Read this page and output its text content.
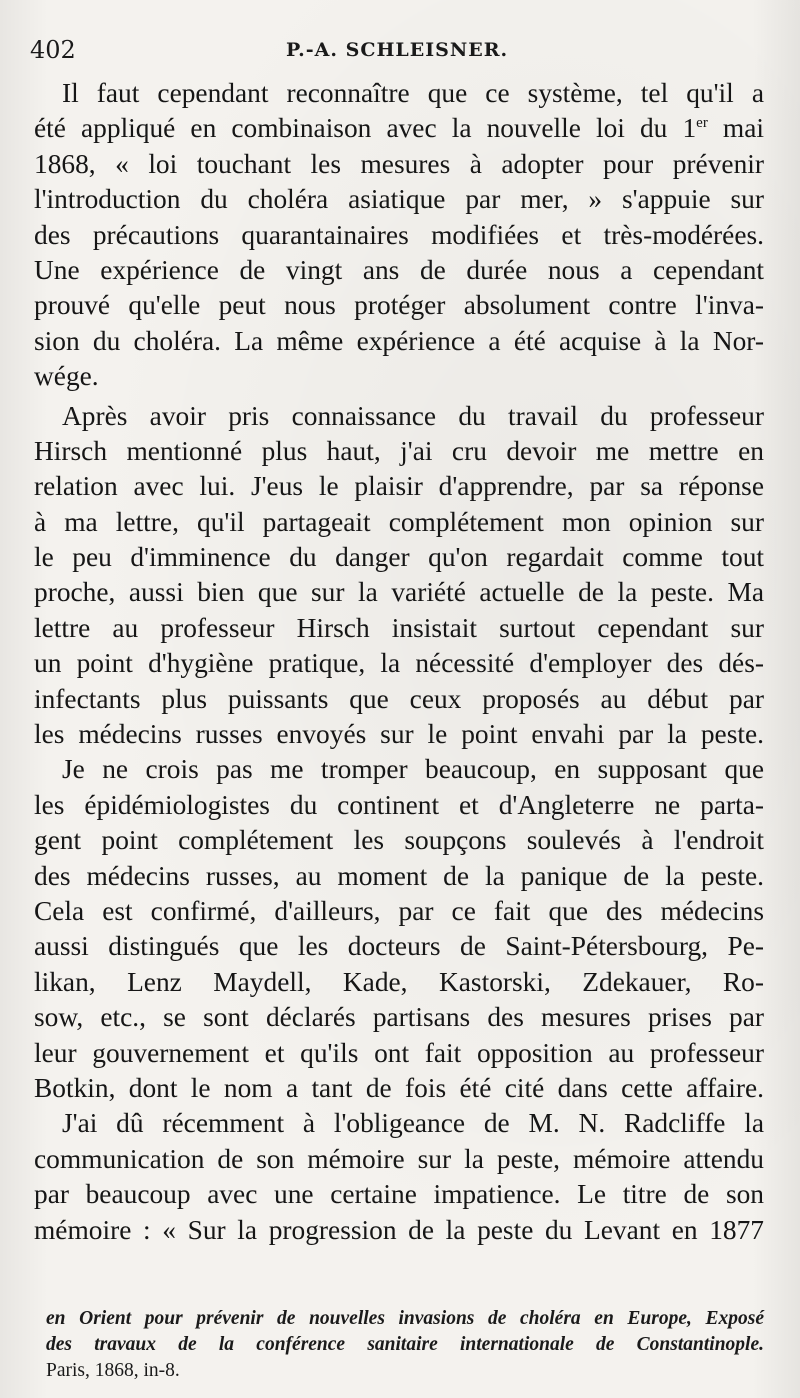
402	P.-A. SCHLEISNER.
Il faut cependant reconnaître que ce système, tel qu'il a
été appliqué en combinaison avec la nouvelle loi du 1er mai
1868, « loi touchant les mesures à adopter pour prévenir
l'introduction du choléra asiatique par mer, » s'appuie sur
des précautions quarantainaires modifiées et très-modérées.
Une expérience de vingt ans de durée nous a cependant
prouvé qu'elle peut nous protéger absolument contre l'inva-
sion du choléra. La même expérience a été acquise à la Nor-
wége.
Après avoir pris connaissance du travail du professeur
Hirsch mentionné plus haut, j'ai cru devoir me mettre en
relation avec lui. J'eus le plaisir d'apprendre, par sa réponse
à ma lettre, qu'il partageait complétement mon opinion sur
le peu d'imminence du danger qu'on regardait comme tout
proche, aussi bien que sur la variété actuelle de la peste. Ma
lettre au professeur Hirsch insistait surtout cependant sur
un point d'hygiène pratique, la nécessité d'employer des dés-
infectants plus puissants que ceux proposés au début par
les médecins russes envoyés sur le point envahi par la peste.
Je ne crois pas me tromper beaucoup, en supposant que
les épidémiologistes du continent et d'Angleterre ne parta-
gent point complétement les soupçons soulevés à l'endroit
des médecins russes, au moment de la panique de la peste.
Cela est confirmé, d'ailleurs, par ce fait que des médecins
aussi distingués que les docteurs de Saint-Pétersbourg, Pe-
likan, Lenz Maydell, Kade, Kastorski, Zdekauer, Ro-
sow, etc., se sont déclarés partisans des mesures prises par
leur gouvernement et qu'ils ont fait opposition au professeur
Botkin, dont le nom a tant de fois été cité dans cette affaire.
J'ai dû récemment à l'obligeance de M. N. Radcliffe la
communication de son mémoire sur la peste, mémoire attendu
par beaucoup avec une certaine impatience. Le titre de son
mémoire : « Sur la progression de la peste du Levant en 1877
en Orient pour prévenir de nouvelles invasions de choléra en Europe, Exposé
des travaux de la conférence sanitaire internationale de Constantinople.
Paris, 1868, in-8.
